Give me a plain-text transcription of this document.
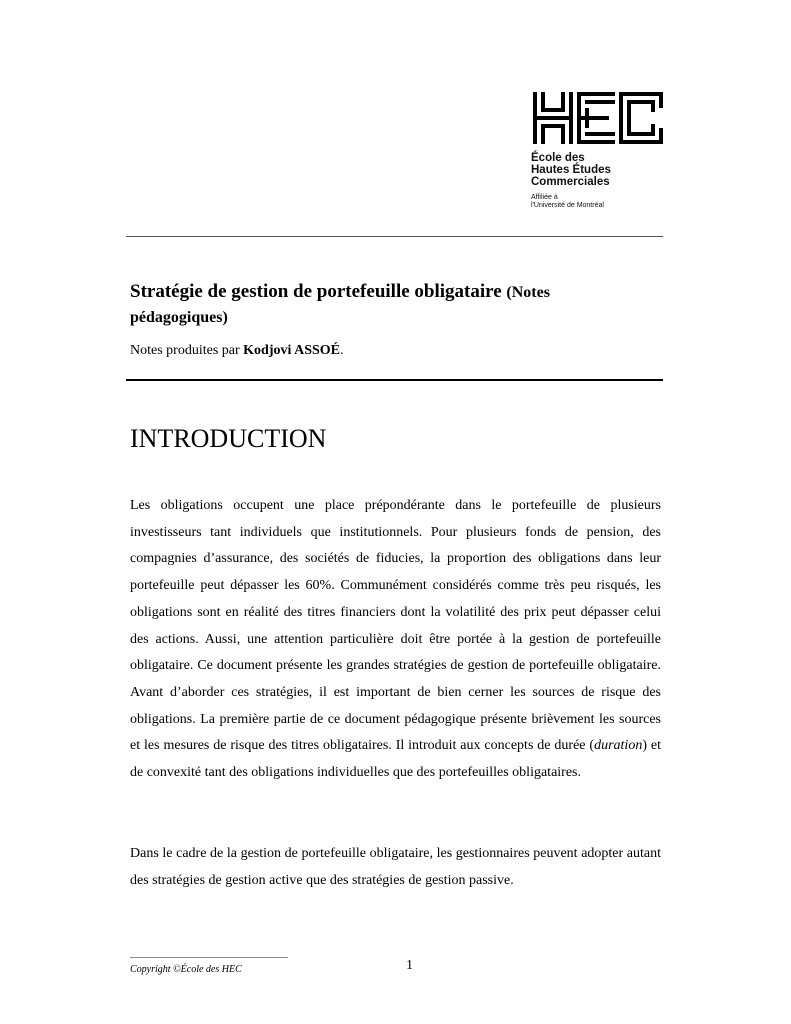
École des
Hautes Études
Commerciales
Affiliée à
l'Université de Montréal
Stratégie de gestion de portefeuille obligataire (Notes pédagogiques)
Notes produites par Kodjovi ASSOÉ.
INTRODUCTION

Les obligations occupent une place prépondérante dans le portefeuille de plusieurs investisseurs tant individuels que institutionnels. Pour plusieurs fonds de pension, des compagnies d’assurance, des sociétés de fiducies, la proportion des obligations dans leur portefeuille peut dépasser les 60%. Communément considérés comme très peu risqués, les obligations sont en réalité des titres financiers dont la volatilité des prix peut dépasser celui des actions. Aussi, une attention particulière doit être portée à la gestion de portefeuille obligataire. Ce document présente les grandes stratégies de gestion de portefeuille obligataire. Avant d’aborder ces stratégies, il est important de bien cerner les sources de risque des obligations. La première partie de ce document pédagogique présente brièvement les sources et les mesures de risque des titres obligataires. Il introduit aux concepts de durée (duration) et de convexité tant des obligations individuelles que des portefeuilles obligataires.

Dans le cadre de la gestion de portefeuille obligataire, les gestionnaires peuvent adopter autant des stratégies de gestion active que des stratégies de gestion passive.

Copyright ©École des HEC	1
